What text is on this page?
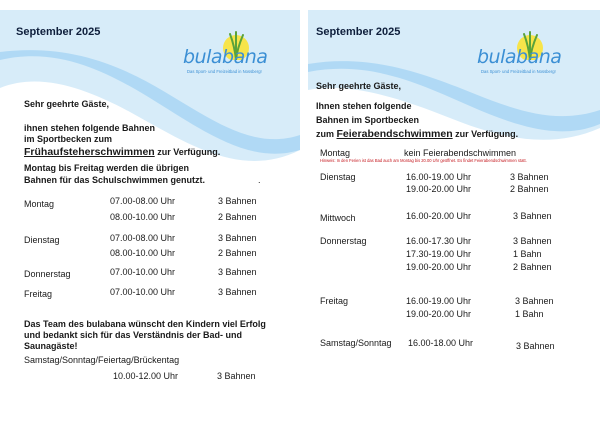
September 2025
bulabana
Das Sport- und Freizeitbad in Nossberg!
Sehr geehrte Gäste,
ihnen stehen folgende Bahnen
im Sportbecken zum
Frühaufsteherschwimmen zur Verfügung.
Montag bis Freitag werden die übrigen
Bahnen für das Schulschwimmen genutzt.	.
Montag	07.00-08.00 Uhr	3 Bahnen
08.00-10.00 Uhr	2 Bahnen
Dienstag	07.00-08.00 Uhr	3 Bahnen
08.00-10.00 Uhr	2 Bahnen
Donnerstag	07.00-10.00 Uhr	3 Bahnen
Freitag	07.00-10.00 Uhr	3 Bahnen
Das Team des bulabana wünscht den Kindern viel Erfolg
und bedankt sich für das Verständnis der Bad- und
Saunagäste!
Samstag/Sonntag/Feiertag/Brückentag
10.00-12.00 Uhr	3 Bahnen
September 2025
bulabana
Das Sport- und Freizeitbad in Nossberg!
Sehr geehrte Gäste,
Ihnen stehen folgende
Bahnen im Sportbecken
zum Feierabendschwimmen zur Verfügung.
Montag	kein Feierabendschwimmen
Hinweis: In den Ferien ist das Bad auch am Montag bis 20.00 Uhr geöffnet. Es findet Feierabendschwimmen statt.
Dienstag	16.00-19.00 Uhr	3 Bahnen
19.00-20.00 Uhr	2 Bahnen
Mittwoch	16.00-20.00 Uhr	3 Bahnen
Donnerstag	16.00-17.30 Uhr	3 Bahnen
17.30-19.00 Uhr	1 Bahn
19.00-20.00 Uhr	2 Bahnen
Freitag	16.00-19.00 Uhr	3 Bahnen
19.00-20.00 Uhr	1 Bahn
Samstag/Sonntag 16.00-18.00 Uhr	3 Bahnen
